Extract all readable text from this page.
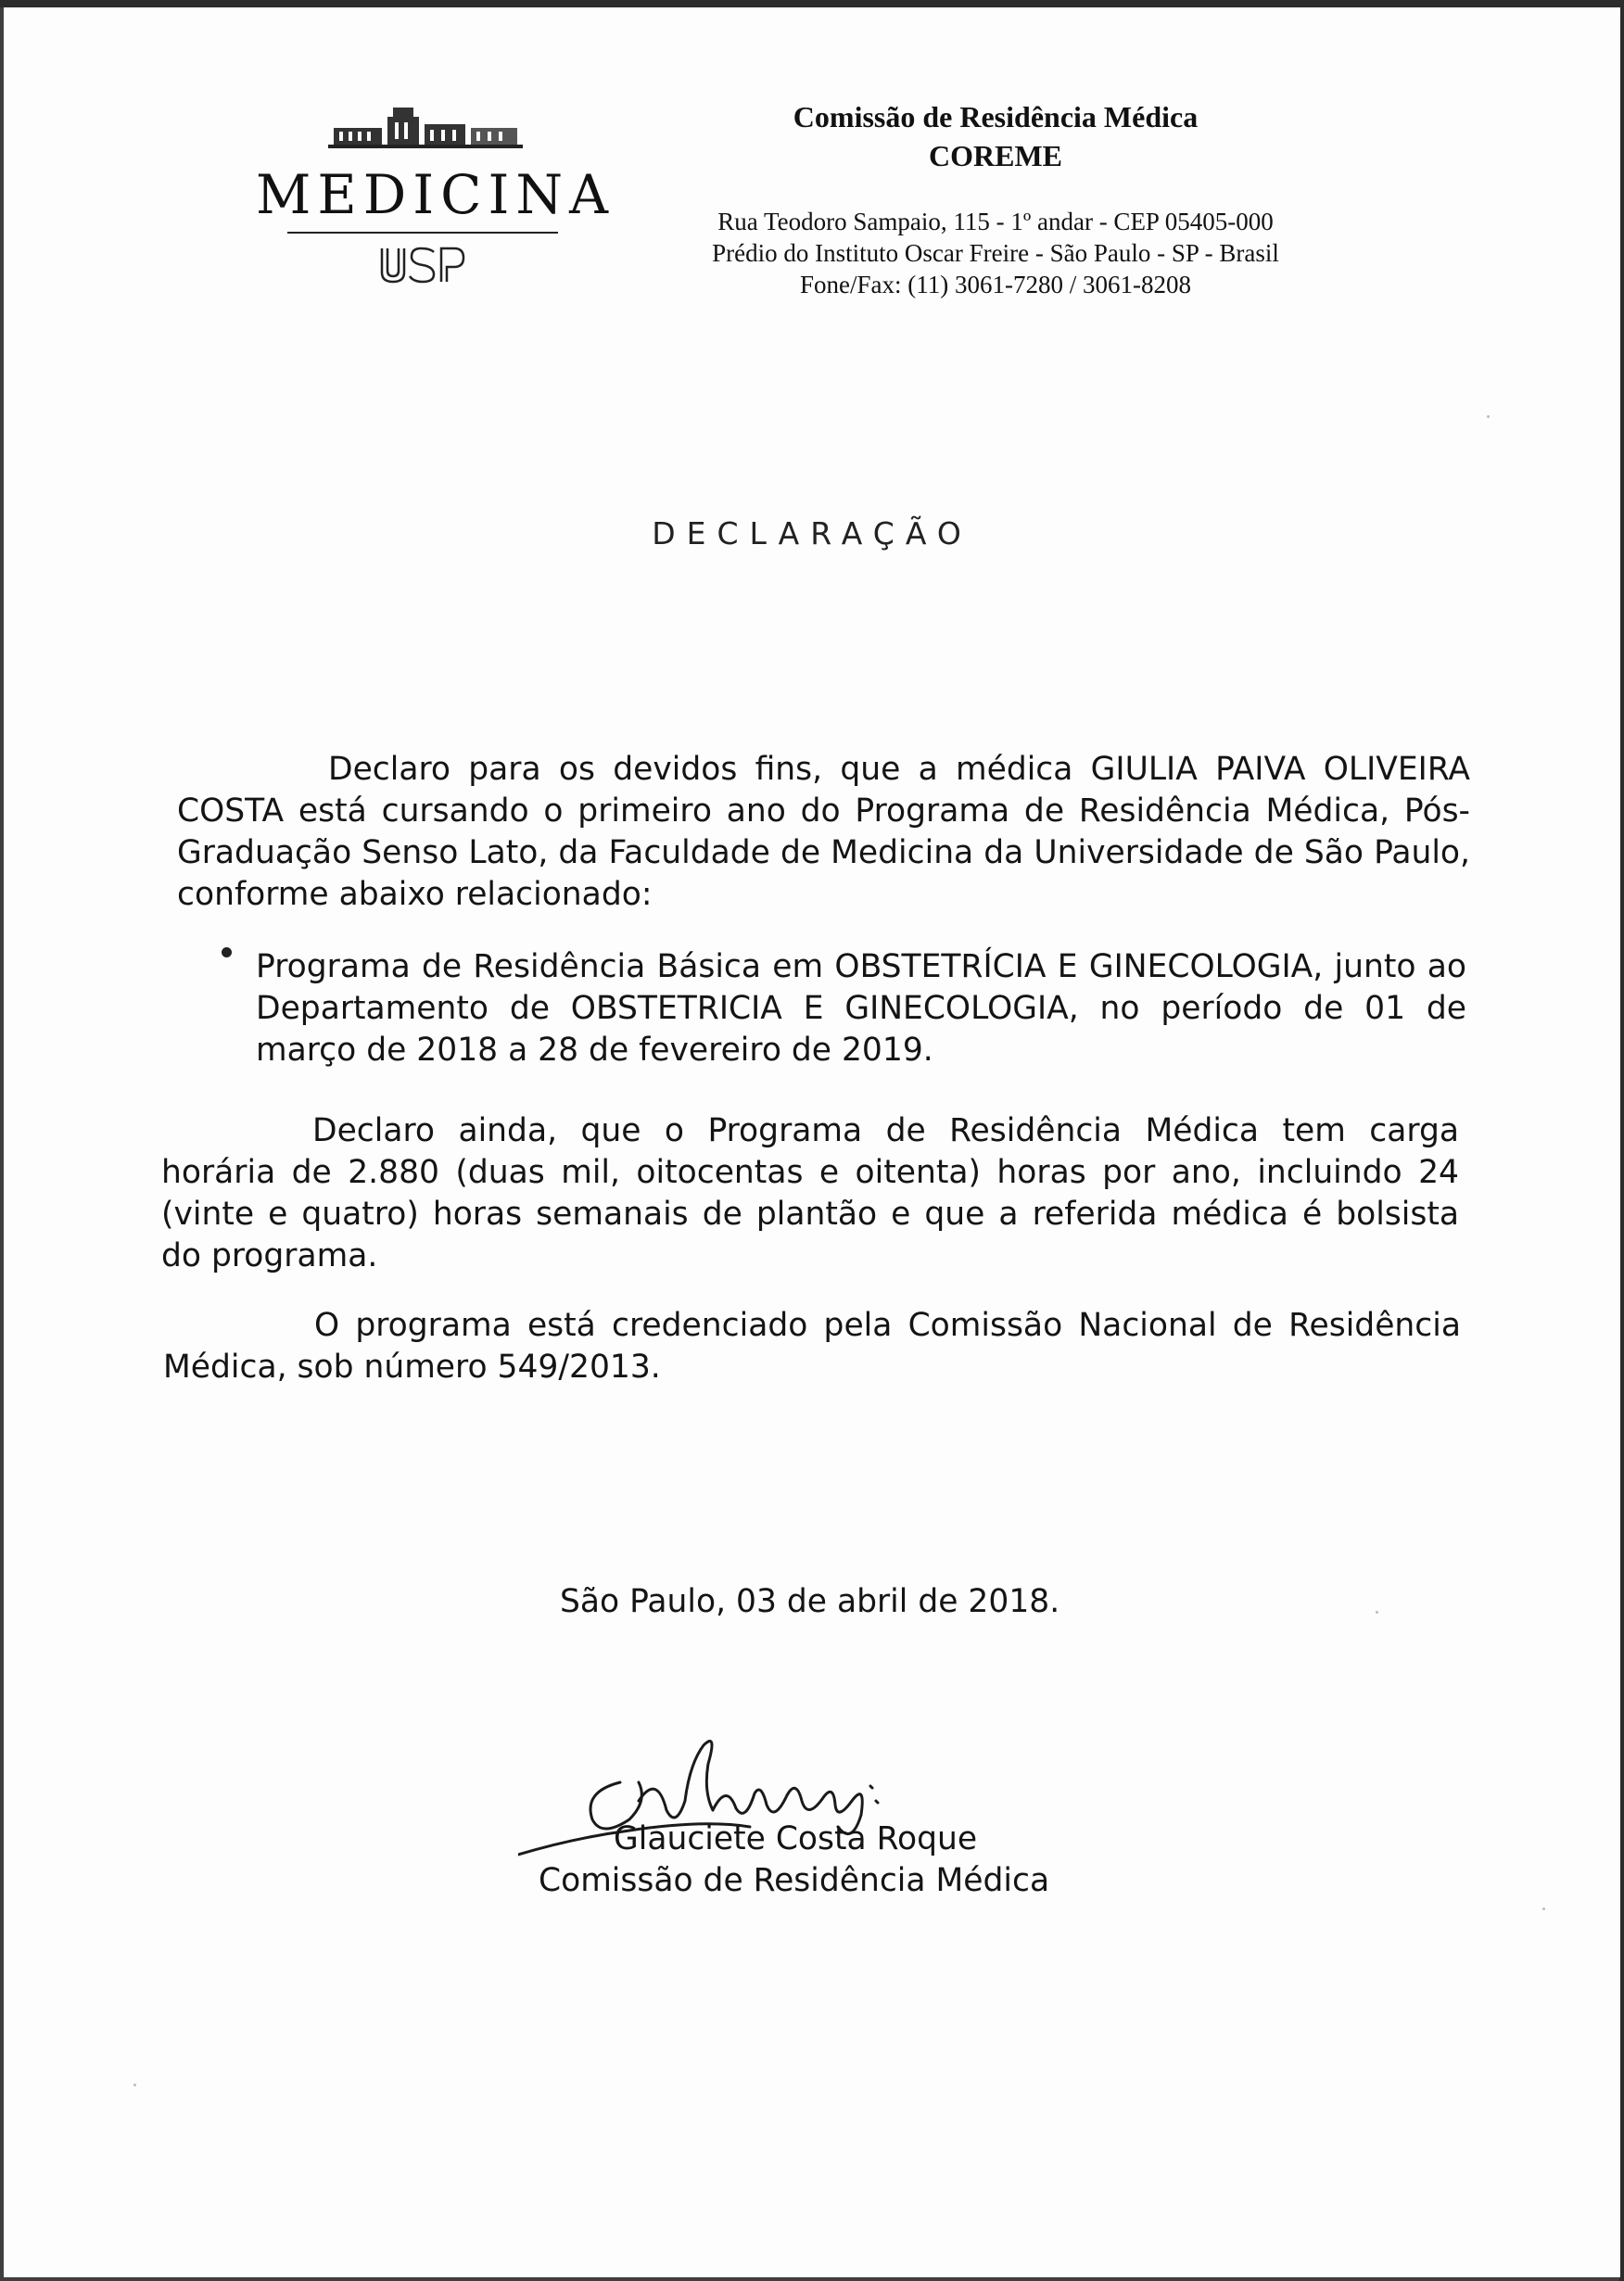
MEDICINA
Comissão de Residência Médica
COREME
Rua Teodoro Sampaio, 115 - 1º andar - CEP 05405-000
Prédio do Instituto Oscar Freire - São Paulo - SP - Brasil
Fone/Fax: (11) 3061-7280 / 3061-8208
DECLARAÇÃO
Declaro para os devidos fins, que a médica GIULIA PAIVA OLIVEIRA COSTA está cursando o primeiro ano do Programa de Residência Médica, Pós-Graduação Senso Lato, da Faculdade de Medicina da Universidade de São Paulo, conforme abaixo relacionado:
Programa de Residência Básica em OBSTETRÍCIA E GINECOLOGIA, junto ao Departamento de OBSTETRICIA E GINECOLOGIA, no período de 01 de março de 2018 a 28 de fevereiro de 2019.
Declaro ainda, que o Programa de Residência Médica tem carga horária de 2.880 (duas mil, oitocentas e oitenta) horas por ano, incluindo 24 (vinte e quatro) horas semanais de plantão e que a referida médica é bolsista do programa.
O programa está credenciado pela Comissão Nacional de Residência Médica, sob número 549/2013.
São Paulo, 03 de abril de 2018.
Glauciete Costa Roque
Comissão de Residência Médica
